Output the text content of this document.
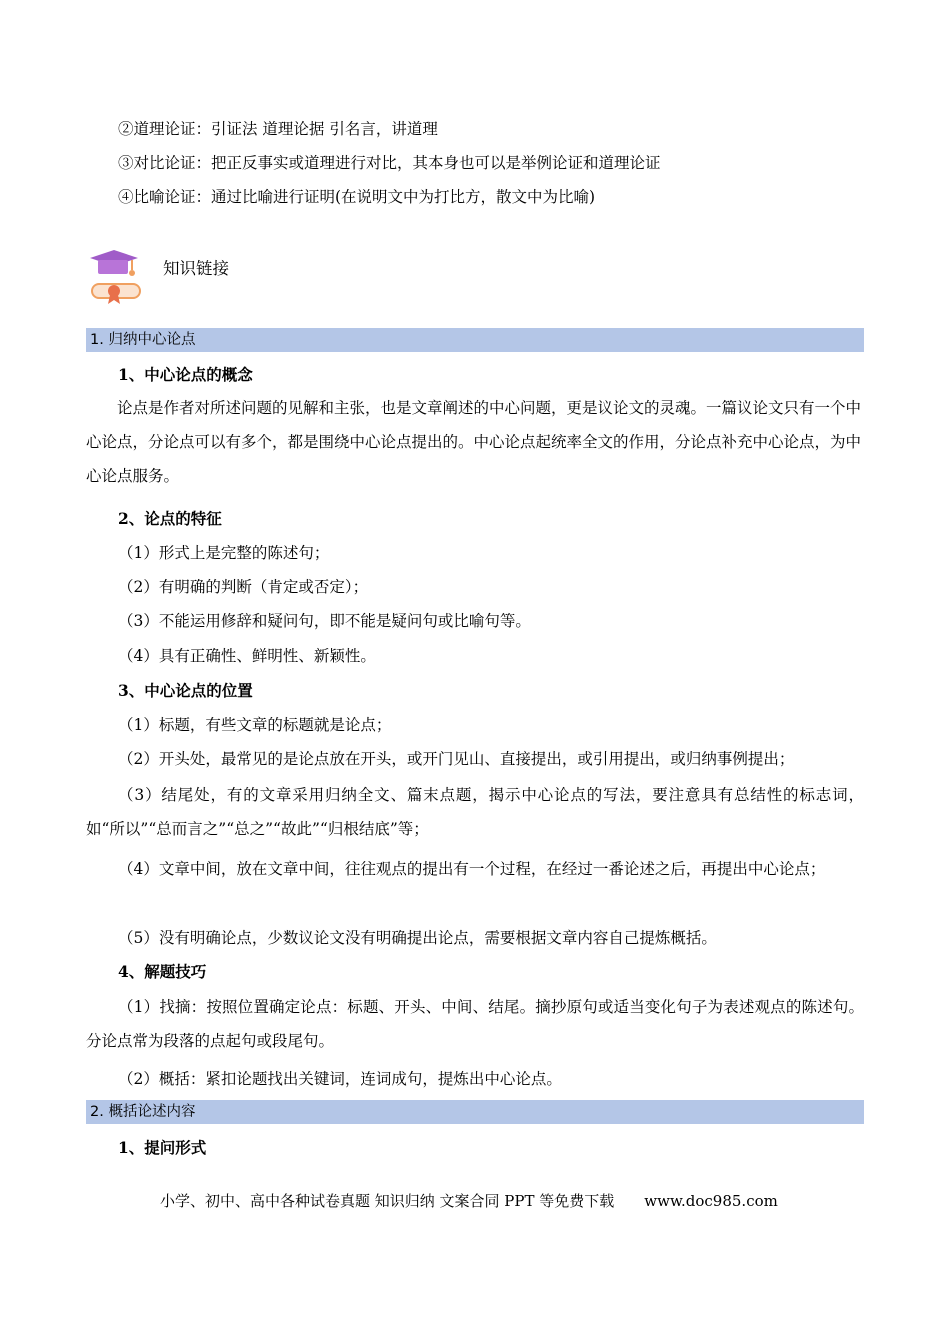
②道理论证：引证法 道理论据 引名言，讲道理
③对比论证：把正反事实或道理进行对比，其本身也可以是举例论证和道理论证
④比喻论证：通过比喻进行证明(在说明文中为打比方，散文中为比喻)
知识链接
1. 归纳中心论点
1、中心论点的概念
论点是作者对所述问题的见解和主张，也是文章阐述的中心问题，更是议论文的灵魂。一篇议论文只有一个中心论点，分论点可以有多个，都是围绕中心论点提出的。中心论点起统率全文的作用，分论点补充中心论点，为中心论点服务。
2、论点的特征
（1）形式上是完整的陈述句；
（2）有明确的判断（肯定或否定）；
（3）不能运用修辞和疑问句，即不能是疑问句或比喻句等。
（4）具有正确性、鲜明性、新颖性。
3、中心论点的位置
（1）标题，有些文章的标题就是论点；
（2）开头处，最常见的是论点放在开头，或开门见山、直接提出，或引用提出，或归纳事例提出；
（3）结尾处，有的文章采用归纳全文、篇末点题，揭示中心论点的写法，要注意具有总结性的标志词，如“所以”“总而言之”“总之”“故此”“归根结底”等；
（4）文章中间，放在文章中间，往往观点的提出有一个过程，在经过一番论述之后，再提出中心论点；
（5）没有明确论点，少数议论文没有明确提出论点，需要根据文章内容自己提炼概括。
4、解题技巧
（1）找摘：按照位置确定论点：标题、开头、中间、结尾。摘抄原句或适当变化句子为表述观点的陈述句。分论点常为段落的点起句或段尾句。
（2）概括：紧扣论题找出关键词，连词成句，提炼出中心论点。
2. 概括论述内容
1、提问形式
小学、初中、高中各种试卷真题 知识归纳 文案合同 PPT 等免费下载 www.doc985.com
